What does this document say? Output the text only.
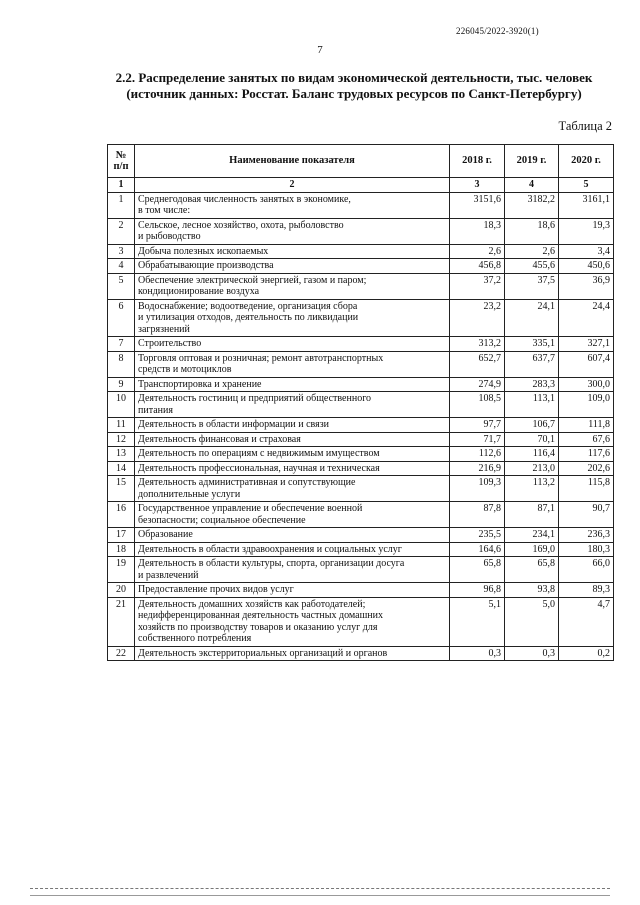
226045/2022-3920(1)
7
2.2. Распределение занятых по видам экономической деятельности, тыс. человек
(источник данных: Росстат. Баланс трудовых ресурсов по Санкт-Петербургу)
Таблица 2
№
п/п	Наименование показателя	2018 г.	2019 г.	2020 г.
1	2	3	4	5
1	Среднегодовая численность занятых в экономике,
в том числе:	3151,6	3182,2	3161,1
2	Сельское, лесное хозяйство, охота, рыболовство
и рыбоводство	18,3	18,6	19,3
3	Добыча полезных ископаемых	2,6	2,6	3,4
4	Обрабатывающие производства	456,8	455,6	450,6
5	Обеспечение электрической энергией, газом и паром;
кондиционирование воздуха	37,2	37,5	36,9
6	Водоснабжение; водоотведение, организация сбора
и утилизация отходов, деятельность по ликвидации
загрязнений	23,2	24,1	24,4
7	Строительство	313,2	335,1	327,1
8	Торговля оптовая и розничная; ремонт автотранспортных
средств и мотоциклов	652,7	637,7	607,4
9	Транспортировка и хранение	274,9	283,3	300,0
10	Деятельность гостиниц и предприятий общественного
питания	108,5	113,1	109,0
11	Деятельность в области информации и связи	97,7	106,7	111,8
12	Деятельность финансовая и страховая	71,7	70,1	67,6
13	Деятельность по операциям с недвижимым имуществом	112,6	116,4	117,6
14	Деятельность профессиональная, научная и техническая	216,9	213,0	202,6
15	Деятельность административная и сопутствующие
дополнительные услуги	109,3	113,2	115,8
16	Государственное управление и обеспечение военной
безопасности; социальное обеспечение	87,8	87,1	90,7
17	Образование	235,5	234,1	236,3
18	Деятельность в области здравоохранения и социальных услуг	164,6	169,0	180,3
19	Деятельность в области культуры, спорта, организации досуга
и развлечений	65,8	65,8	66,0
20	Предоставление прочих видов услуг	96,8	93,8	89,3
21	Деятельность домашних хозяйств как работодателей;
недифференцированная деятельность частных домашних
хозяйств по производству товаров и оказанию услуг для
собственного потребления	5,1	5,0	4,7
22	Деятельность экстерриториальных организаций и органов	0,3	0,3	0,2
